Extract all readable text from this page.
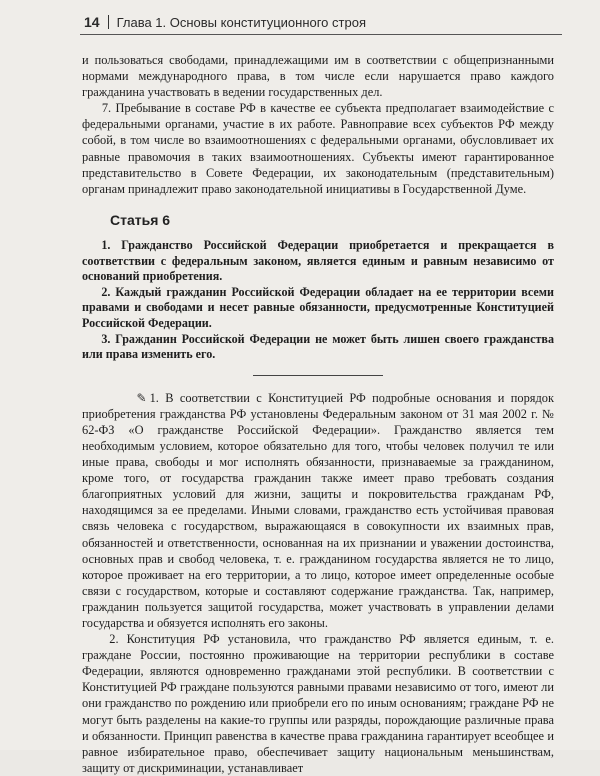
14 Глава 1. Основы конституционного строя

и пользоваться свободами, принадлежащими им в соответствии с общепризнанными нормами международного права, в том числе если нарушается право каждого гражданина участвовать в ведении государственных дел.

7. Пребывание в составе РФ в качестве ее субъекта предполагает взаимодействие с федеральными органами, участие в их работе. Равноправие всех субъектов РФ между собой, в том числе во взаимоотношениях с федеральными органами, обусловливает их равные правомочия в таких взаимоотношениях. Субъекты имеют гарантированное представительство в Совете Федерации, их законодательным (представительным) органам принадлежит право законодательной инициативы в Государственной Думе.

Статья 6

1. Гражданство Российской Федерации приобретается и прекращается в соответствии с федеральным законом, является единым и равным независимо от оснований приобретения.

2. Каждый гражданин Российской Федерации обладает на ее территории всеми правами и свободами и несет равные обязанности, предусмотренные Конституцией Российской Федерации.

3. Гражданин Российской Федерации не может быть лишен своего гражданства или права изменить его.

✎ 1. В соответствии с Конституцией РФ подробные основания и порядок приобретения гражданства РФ установлены Федеральным законом от 31 мая 2002 г. № 62-ФЗ «О гражданстве Российской Федерации». Гражданство является тем необходимым условием, которое обязательно для того, чтобы человек получил те или иные права, свободы и мог исполнять обязанности, признаваемые за гражданином, кроме того, от государства гражданин также имеет право требовать создания благоприятных условий для жизни, защиты и покровительства гражданам РФ, находящимся за ее пределами. Иными словами, гражданство есть устойчивая правовая связь человека с государством, выражающаяся в совокупности их взаимных прав, обязанностей и ответственности, основанная на их признании и уважении достоинства, основных прав и свобод человека, т. е. гражданином государства является не то лицо, которое проживает на его территории, а то лицо, которое имеет определенные особые связи с государством, которые и составляют содержание гражданства. Так, например, гражданин пользуется защитой государства, может участвовать в управлении делами государства и обязуется исполнять его законы.

2. Конституция РФ установила, что гражданство РФ является единым, т. е. граждане России, постоянно проживающие на территории республики в составе Федерации, являются одновременно гражданами этой республики. В соответствии с Конституцией РФ граждане пользуются равными правами независимо от того, имеют ли они гражданство по рождению или приобрели его по иным основаниям; граждане РФ не могут быть разделены на какие-то группы или разряды, порождающие различные права и обязанности. Принцип равенства в качестве права гражданина гарантирует всеобщее и равное избирательное право, обеспечивает защиту национальным меньшинствам, защиту от дискриминации, устанавливает
